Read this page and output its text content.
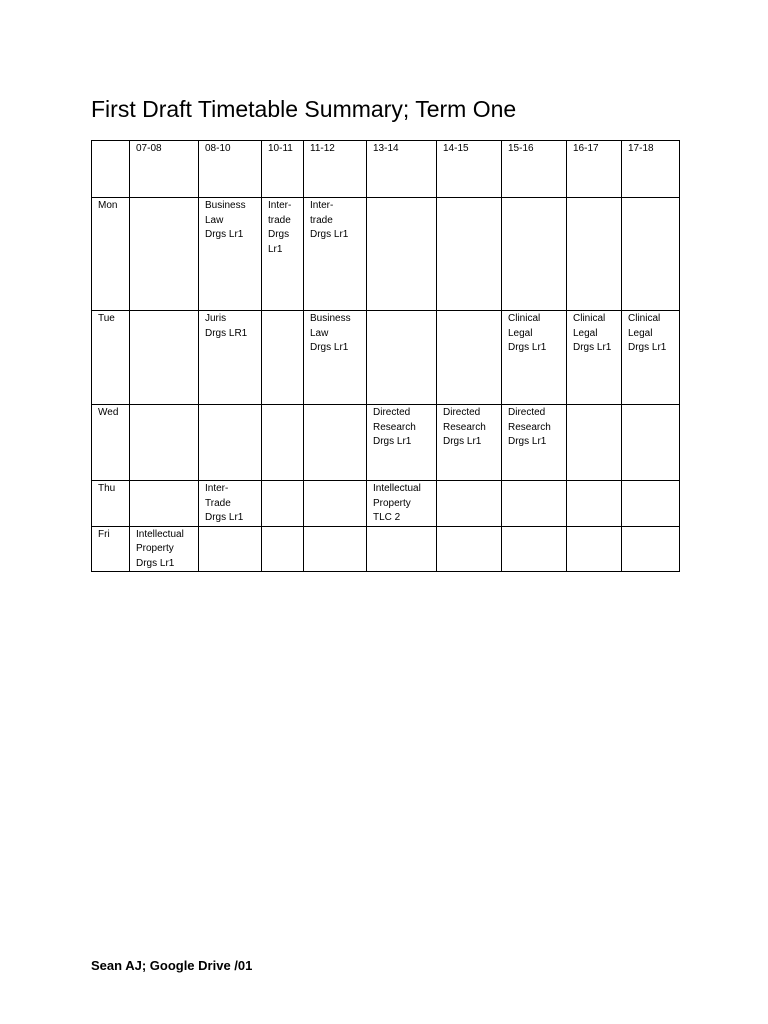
First Draft Timetable Summary; Term One
	07-08	08-10	10-11	11-12	13-14	14-15	15-16	16-17	17-18
Mon		Business
Law
Drgs Lr1	Inter-
trade
Drgs
Lr1	Inter-
trade
Drgs Lr1					

Tue		Juris
Drgs LR1		Business
Law
Drgs Lr1			Clinical
Legal
Drgs Lr1	Clinical
Legal
Drgs Lr1	Clinical
Legal
Drgs Lr1

Wed					Directed
Research
Drgs Lr1	Directed
Research
Drgs Lr1	Directed
Research
Drgs Lr1		

Thu		Inter-
Trade
Drgs Lr1			Intellectual
Property
TLC 2				

Fri	Intellectual
Property
Drgs Lr1								

Sean AJ; Google Drive /01
